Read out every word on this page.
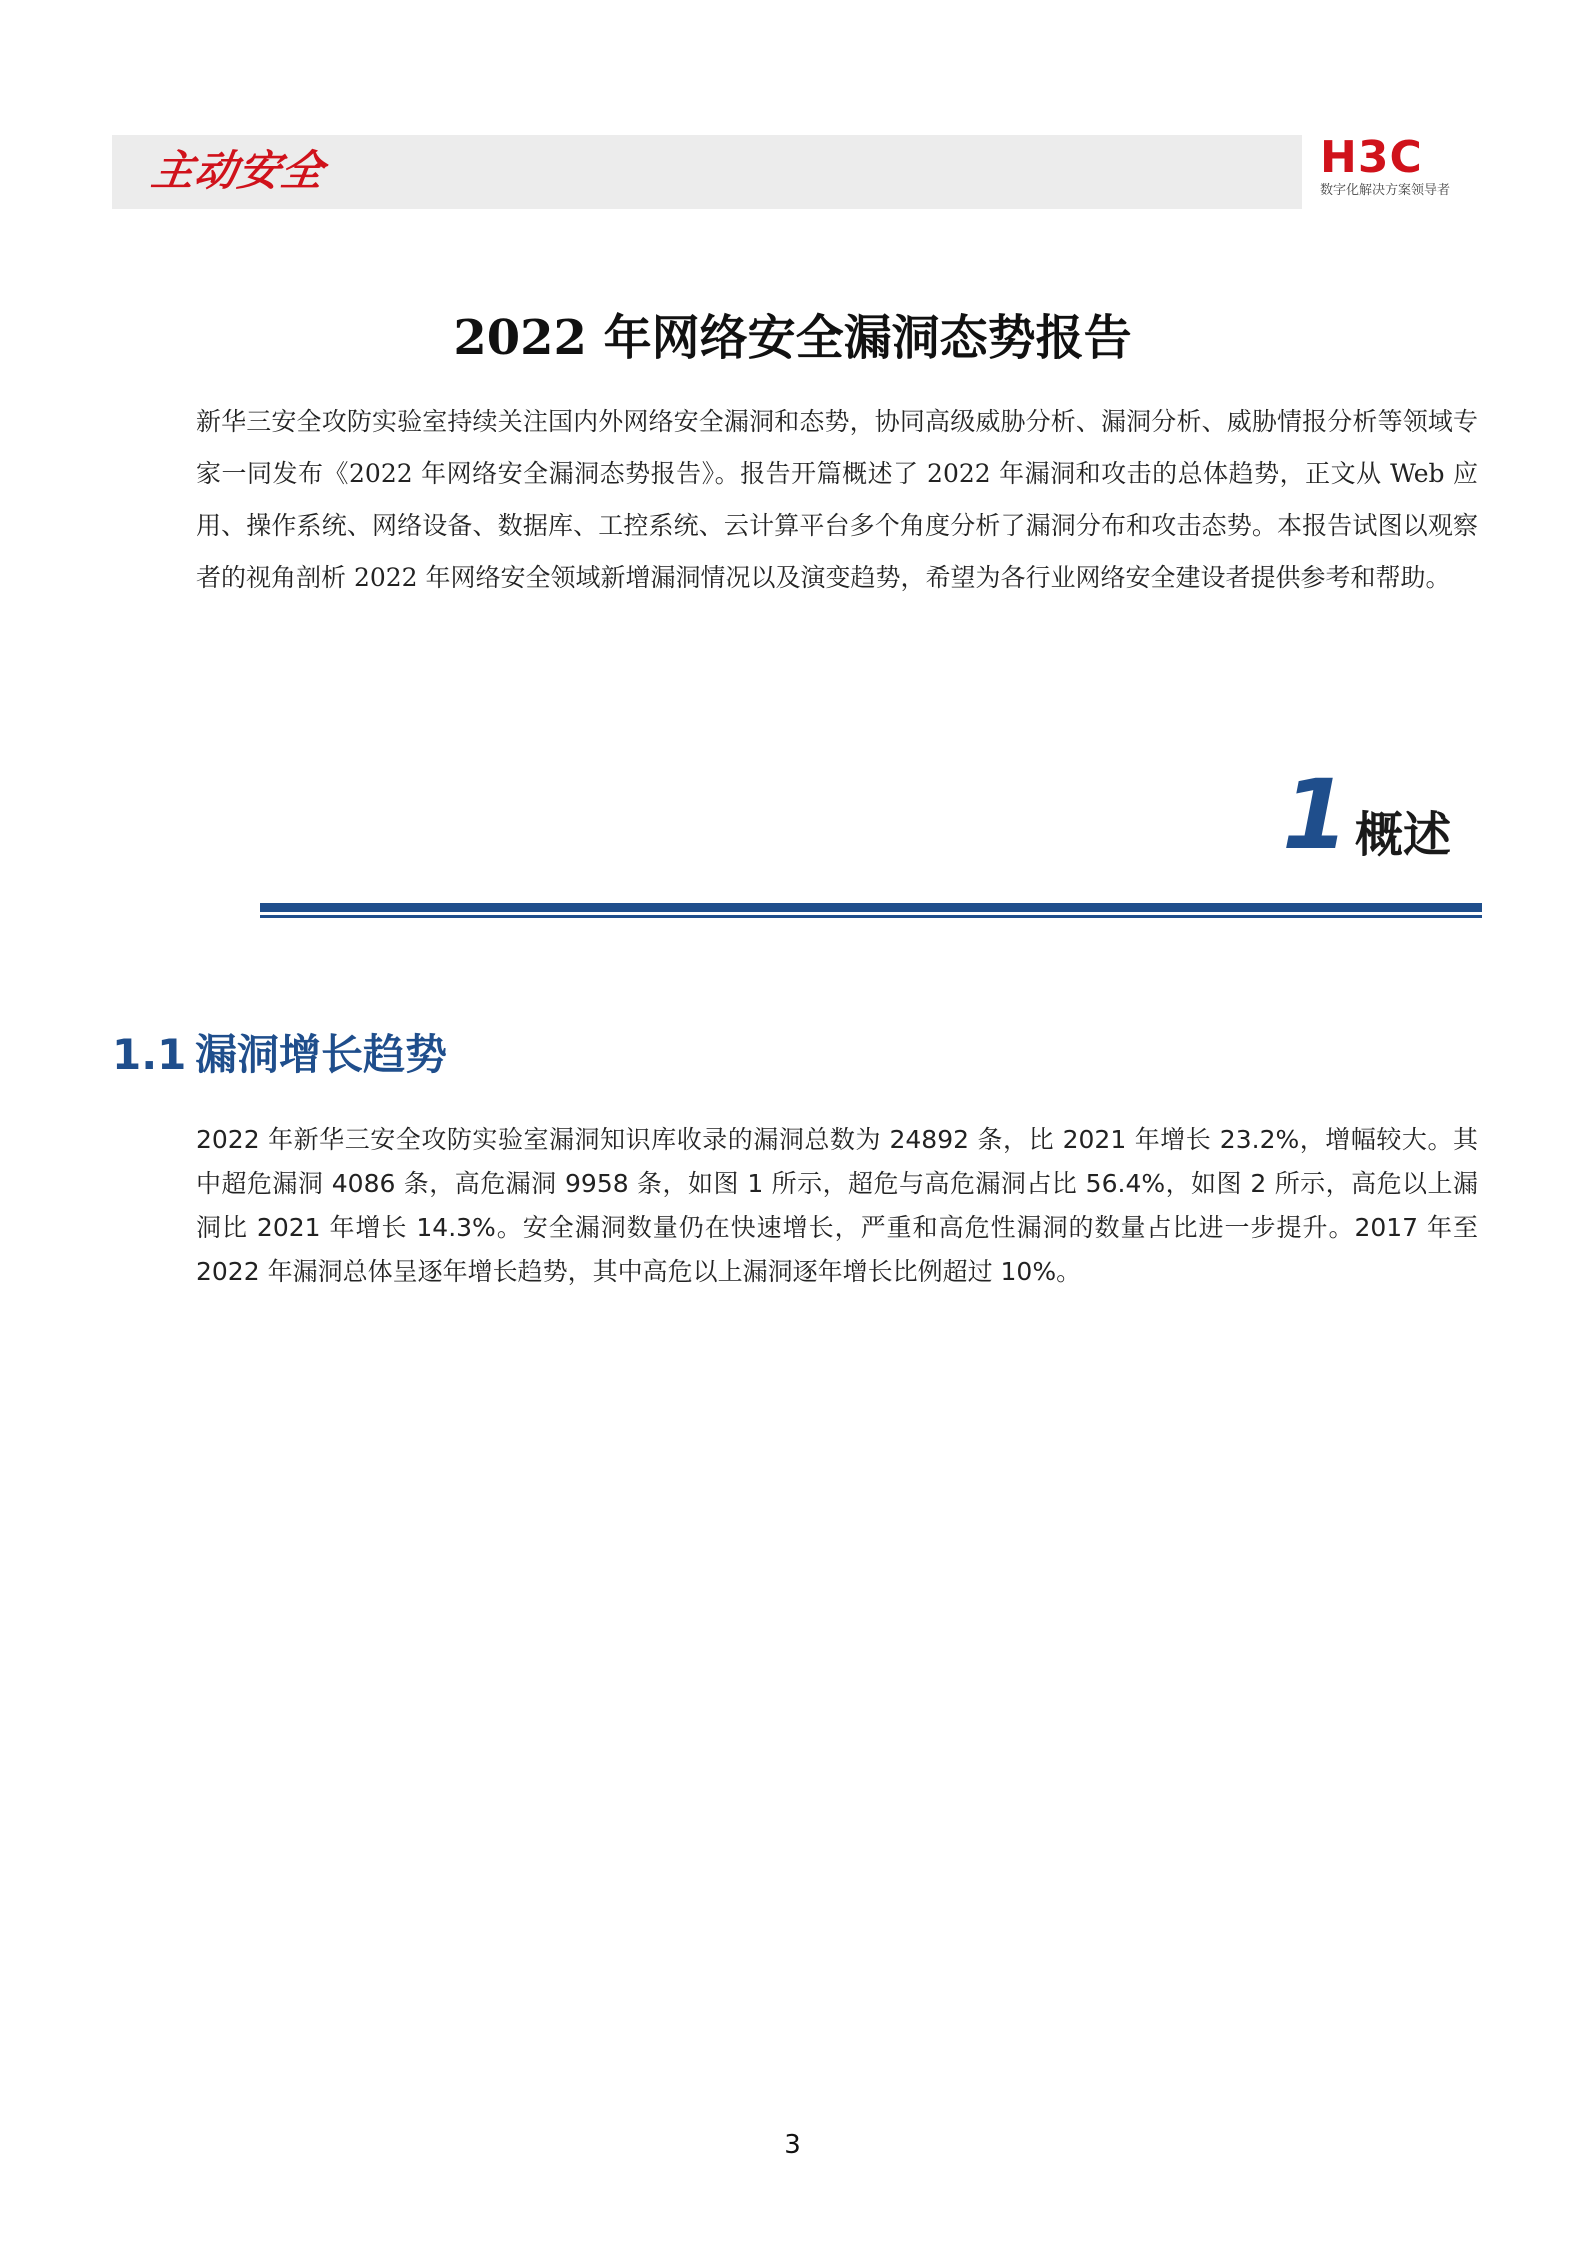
主动安全	H3C
数字化解决方案领导者
2022 年网络安全漏洞态势报告

新华三安全攻防实验室持续关注国内外网络安全漏洞和态势，协同高级威胁分析、漏洞分析、威胁情报分析等领域专家一同发布《2022 年网络安全漏洞态势报告》。报告开篇概述了 2022 年漏洞和攻击的总体趋势，正文从 Web 应用、操作系统、网络设备、数据库、工控系统、云计算平台多个角度分析了漏洞分布和攻击态势。本报告试图以观察者的视角剖析 2022 年网络安全领域新增漏洞情况以及演变趋势，希望为各行业网络安全建设者提供参考和帮助。

1 概述
1.1 漏洞增长趋势

2022 年新华三安全攻防实验室漏洞知识库收录的漏洞总数为 24892 条，比 2021 年增长 23.2%，增幅较大。其中超危漏洞 4086 条，高危漏洞 9958 条，如图 1 所示，超危与高危漏洞占比 56.4%，如图 2 所示，高危以上漏洞比 2021 年增长 14.3%。安全漏洞数量仍在快速增长，严重和高危性漏洞的数量占比进一步提升。2017 年至 2022 年漏洞总体呈逐年增长趋势，其中高危以上漏洞逐年增长比例超过 10%。

3
